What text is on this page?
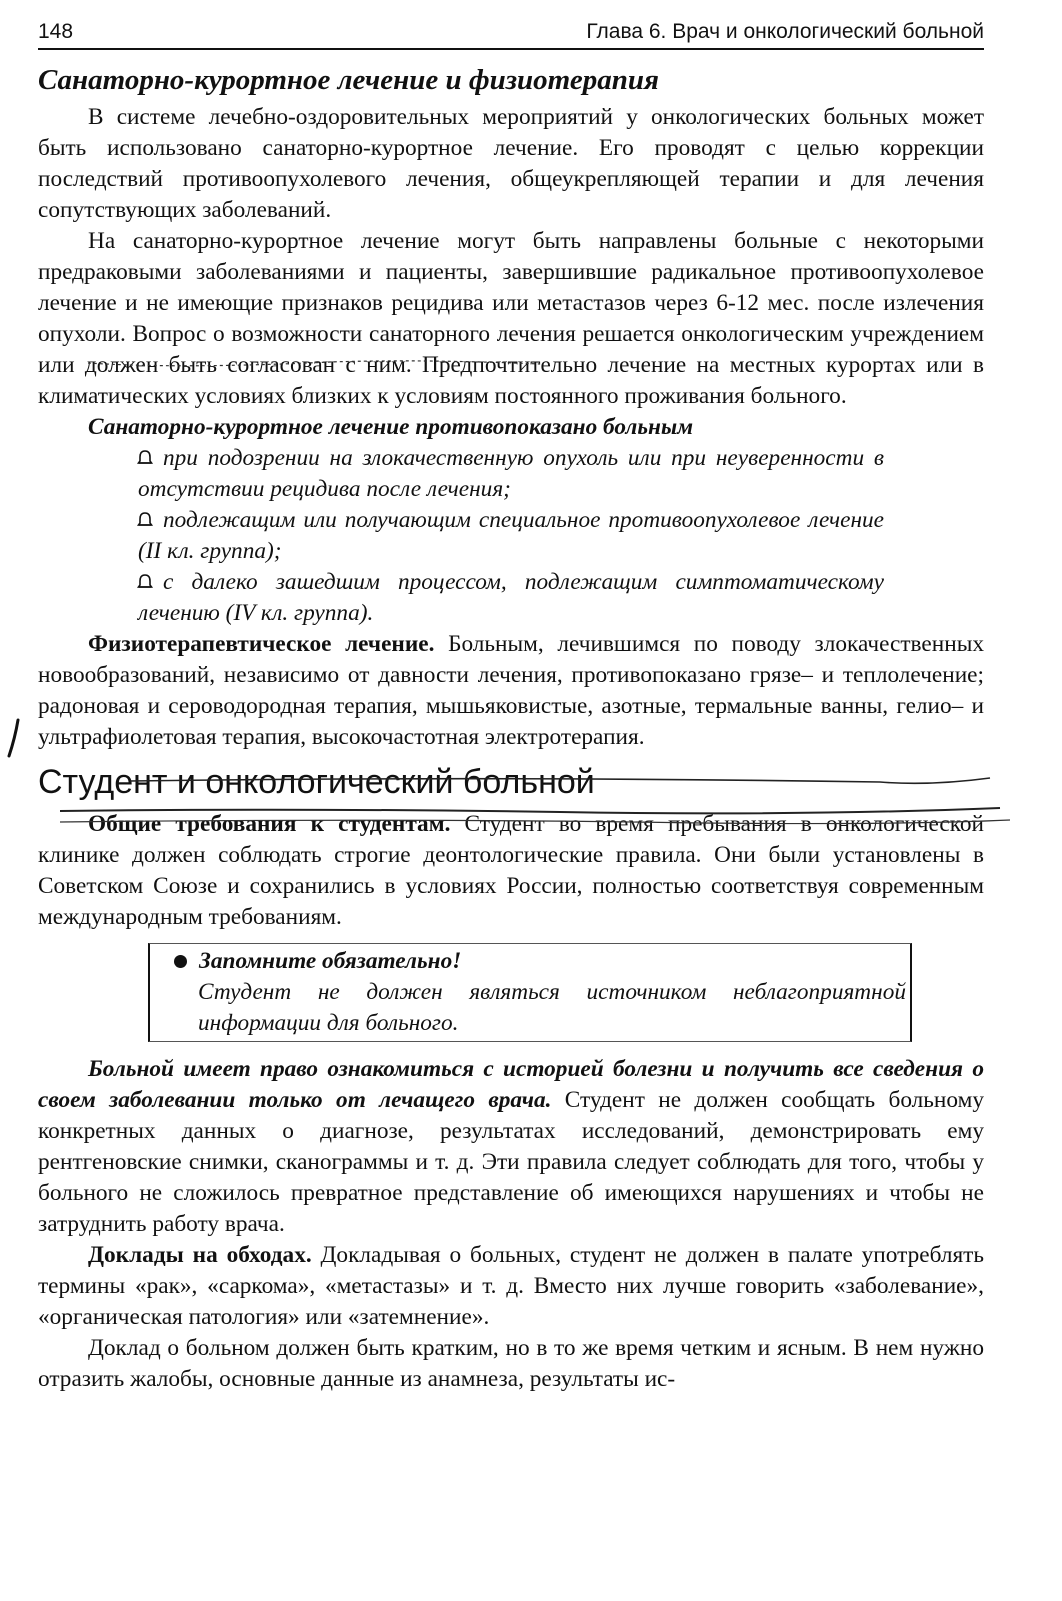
148	Глава 6. Врач и онкологический больной
Санаторно-курортное лечение и физиотерапия

В системе лечебно-оздоровительных мероприятий у онкологических больных может быть использовано санаторно-курортное лечение. Его проводят с целью коррекции последствий противоопухолевого лечения, общеукрепляющей терапии и для лечения сопутствующих заболеваний.

На санаторно-курортное лечение могут быть направлены больные с некоторыми предраковыми заболеваниями и пациенты, завершившие радикальное противоопухолевое лечение и не имеющие признаков рецидива или метастазов через 6-12 мес. после излечения опухоли. Вопрос о возможности санаторного лечения решается онкологическим учреждением или должен быть согласован с ним. Предпочтительно лечение на местных курортах или в климатических условиях близких к условиям постоянного проживания больного.

Санаторно-курортное лечение противопоказано больным
при подозрении на злокачественную опухоль или при неуверенности в отсутствии рецидива после лечения;
подлежащим или получающим специальное противоопухолевое лечение (II кл. группа);
с далеко зашедшим процессом, подлежащим симптоматическому лечению (IV кл. группа).

Физиотерапевтическое лечение. Больным, лечившимся по поводу злокачественных новообразований, независимо от давности лечения, противопоказано грязе– и теплолечение; радоновая и сероводородная терапия, мышьяковистые, азотные, термальные ванны, гелио– и ультрафиолетовая терапия, высокочастотная электротерапия.

Студент и онкологический больной

Общие требования к студентам. Студент во время пребывания в онкологической клинике должен соблюдать строгие деонтологические правила. Они были установлены в Советском Союзе и сохранились в условиях России, полностью соответствуя современным международным требованиям.

Запомните обязательно!
Студент не должен являться источником неблагоприятной информации для больного.

Больной имеет право ознакомиться с историей болезни и получить все сведения о своем заболевании только от лечащего врача. Студент не должен сообщать больному конкретных данных о диагнозе, результатах исследований, демонстрировать ему рентгеновские снимки, сканограммы и т. д. Эти правила следует соблюдать для того, чтобы у больного не сложилось превратное представление об имеющихся нарушениях и чтобы не затруднить работу врача.

Доклады на обходах. Докладывая о больных, студент не должен в палате употреблять термины «рак», «саркома», «метастазы» и т. д. Вместо них лучше говорить «заболевание», «органическая патология» или «затемнение».

Доклад о больном должен быть кратким, но в то же время четким и ясным. В нем нужно отразить жалобы, основные данные из анамнеза, результаты ис-
